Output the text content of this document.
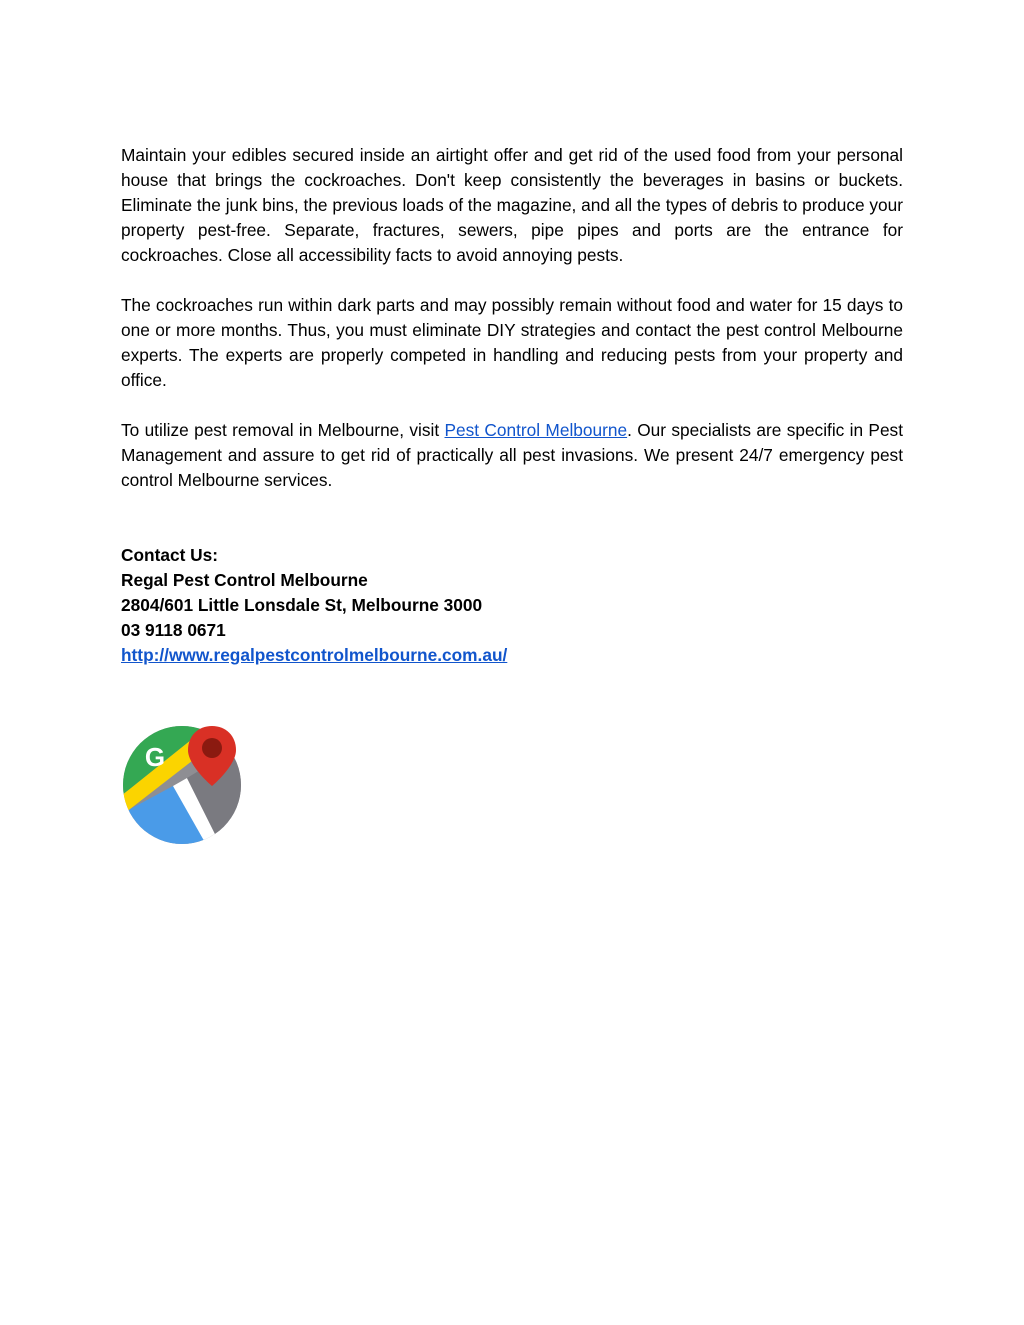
Maintain your edibles secured inside an airtight offer and get rid of the used food from your personal house that brings the cockroaches. Don't keep consistently the beverages in basins or buckets. Eliminate the junk bins, the previous loads of the magazine, and all the types of debris to produce your property pest-free. Separate, fractures, sewers, pipe pipes and ports are the entrance for cockroaches. Close all accessibility facts to avoid annoying pests.

The cockroaches run within dark parts and may possibly remain without food and water for 15 days to one or more months. Thus, you must eliminate DIY strategies and contact the pest control Melbourne experts. The experts are properly competed in handling and reducing pests from your property and office.

To utilize pest removal in Melbourne, visit Pest Control Melbourne. Our specialists are specific in Pest Management and assure to get rid of practically all pest invasions. We present 24/7 emergency pest control Melbourne services.

Contact Us:
Regal Pest Control Melbourne
2804/601 Little Lonsdale St, Melbourne 3000
03 9118 0671
http://www.regalpestcontrolmelbourne.com.au/
G
